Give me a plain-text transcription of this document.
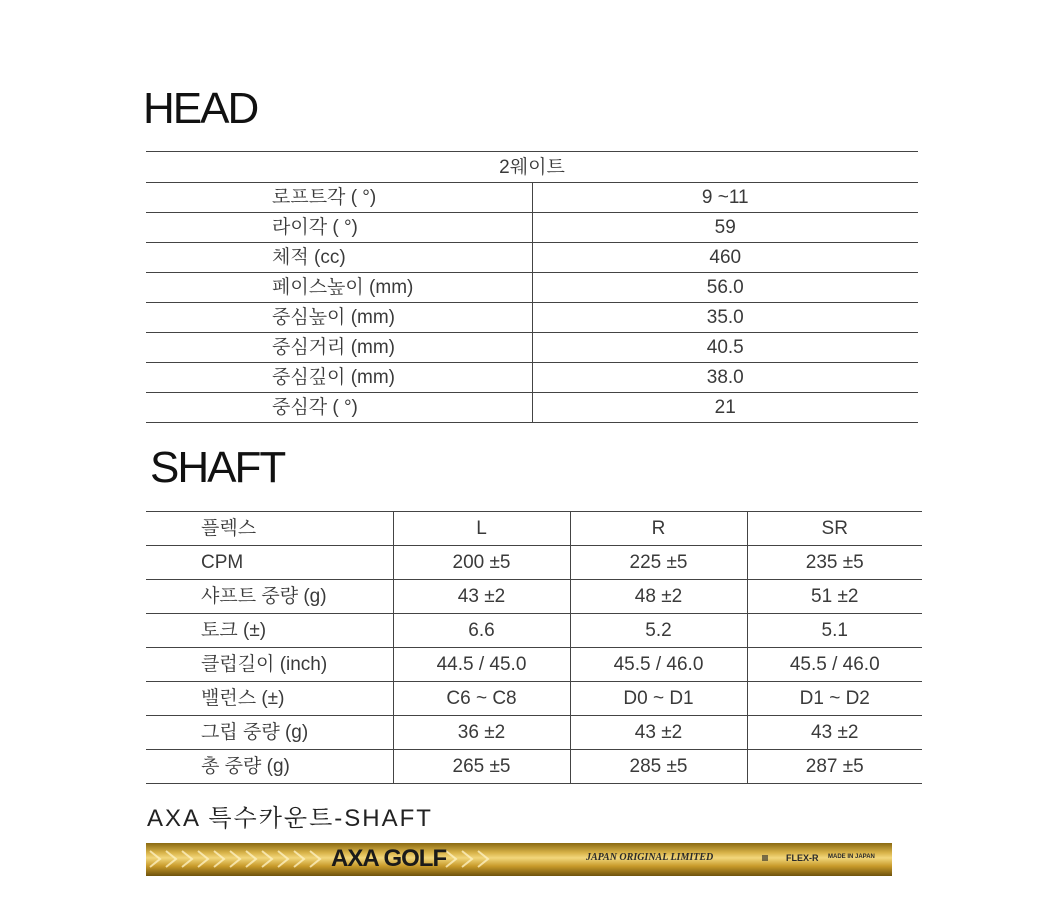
HEAD
2웨이트	
로프트각 ( °)	9 ~11
라이각 ( °)	59
체적 (cc)	460
페이스높이 (mm)	56.0
중심높이 (mm)	35.0
중심거리 (mm)	40.5
중심깊이 (mm)	38.0
중심각 ( °)	21
SHAFT
플렉스	L	R	SR
CPM	200 ±5	225 ±5	235 ±5
샤프트 중량 (g)	43 ±2	48 ±2	51 ±2
토크 (±)	6.6	5.2	5.1
클럽길이 (inch)	44.5 / 45.0	45.5 / 46.0	45.5 / 46.0
밸런스 (±)	C6 ~ C8	D0 ~ D1	D1 ~ D2
그립 중량 (g)	36 ±2	43 ±2	43 ±2
총 중량 (g)	265 ±5	285 ±5	287 ±5

AXA 특수카운트-SHAFT

AXA GOLF	JAPAN ORIGINAL LIMITED	FLEX-R MADE IN JAPAN
